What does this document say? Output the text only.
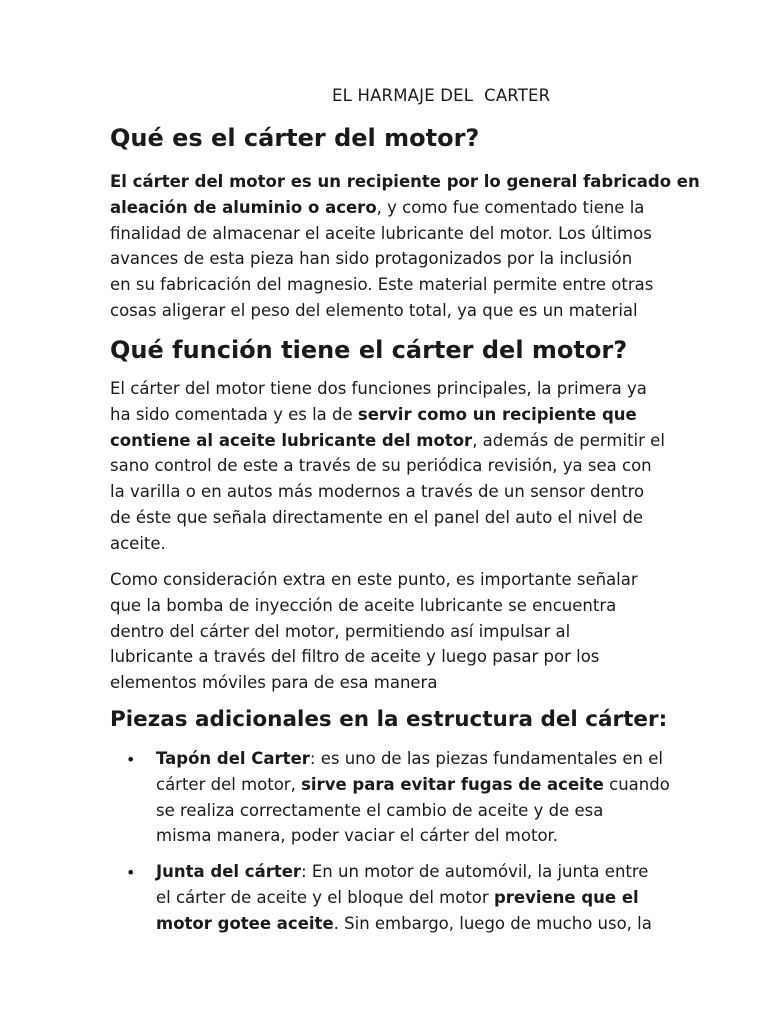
EL HARMAJE DEL  CARTER
Qué es el cárter del motor?

El cárter del motor es un recipiente por lo general fabricado en
aleación de aluminio o acero, y como fue comentado tiene la
finalidad de almacenar el aceite lubricante del motor. Los últimos
avances de esta pieza han sido protagonizados por la inclusión
en su fabricación del magnesio. Este material permite entre otras
cosas aligerar el peso del elemento total, ya que es un material

Qué función tiene el cárter del motor?

El cárter del motor tiene dos funciones principales, la primera ya
ha sido comentada y es la de servir como un recipiente que
contiene al aceite lubricante del motor, además de permitir el
sano control de este a través de su periódica revisión, ya sea con
la varilla o en autos más modernos a través de un sensor dentro
de éste que señala directamente en el panel del auto el nivel de
aceite.

Como consideración extra en este punto, es importante señalar
que la bomba de inyección de aceite lubricante se encuentra
dentro del cárter del motor, permitiendo así impulsar al
lubricante a través del filtro de aceite y luego pasar por los
elementos móviles para de esa manera

Piezas adicionales en la estructura del cárter:
• Tapón del Carter: es uno de las piezas fundamentales en el
cárter del motor, sirve para evitar fugas de aceite cuando
se realiza correctamente el cambio de aceite y de esa
misma manera, poder vaciar el cárter del motor.

• Junta del cárter: En un motor de automóvil, la junta entre
el cárter de aceite y el bloque del motor previene que el
motor gotee aceite. Sin embargo, luego de mucho uso, la
